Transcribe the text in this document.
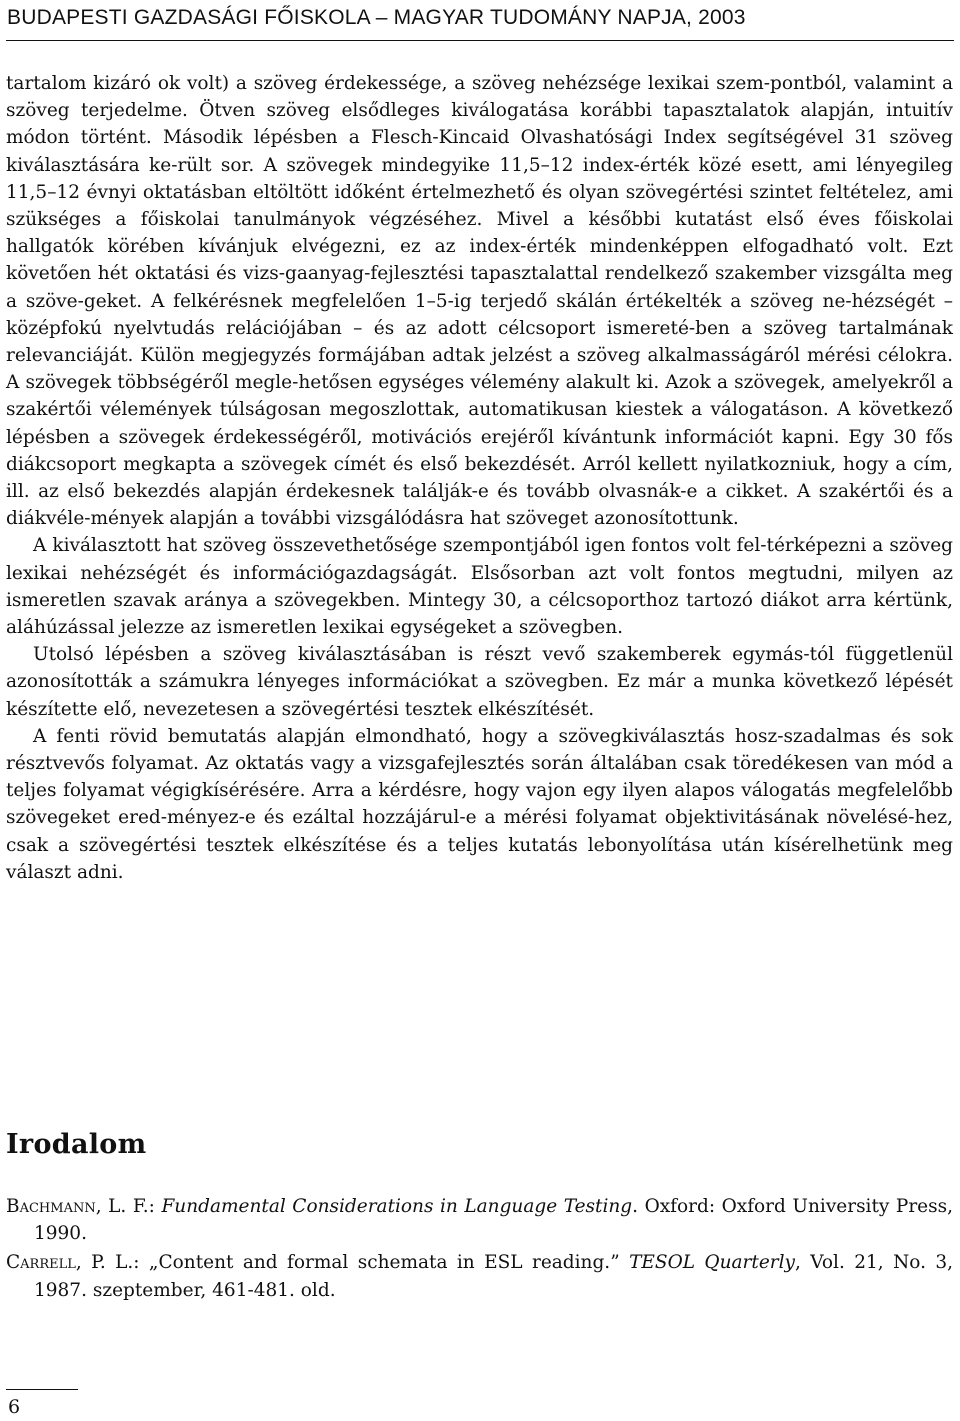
BUDAPESTI GAZDASÁGI FŐISKOLA – MAGYAR TUDOMÁNY NAPJA, 2003

tartalom kizáró ok volt) a szöveg érdekessége, a szöveg nehézsége lexikai szem-pontból, valamint a szöveg terjedelme. Ötven szöveg elsődleges kiválogatása korábbi tapasztalatok alapján, intuitív módon történt. Második lépésben a Flesch-Kincaid Olvashatósági Index segítségével 31 szöveg kiválasztására ke-rült sor. A szövegek mindegyike 11,5–12 index-érték közé esett, ami lényegileg 11,5–12 évnyi oktatásban eltöltött időként értelmezhető és olyan szövegértési szintet feltételez, ami szükséges a főiskolai tanulmányok végzéséhez. Mivel a későbbi kutatást első éves főiskolai hallgatók körében kívánjuk elvégezni, ez az index-érték mindenképpen elfogadható volt. Ezt követően hét oktatási és vizs-gaanyag-fejlesztési tapasztalattal rendelkező szakember vizsgálta meg a szöve-geket. A felkérésnek megfelelően 1–5-ig terjedő skálán értékelték a szöveg ne-hézségét – középfokú nyelvtudás relációjában – és az adott célcsoport ismereté-ben a szöveg tartalmának relevanciáját. Külön megjegyzés formájában adtak jelzést a szöveg alkalmasságáról mérési célokra. A szövegek többségéről megle-hetősen egységes vélemény alakult ki. Azok a szövegek, amelyekről a szakértői vélemények túlságosan megoszlottak, automatikusan kiestek a válogatáson. A következő lépésben a szövegek érdekességéről, motivációs erejéről kívántunk információt kapni. Egy 30 fős diákcsoport megkapta a szövegek címét és első bekezdését. Arról kellett nyilatkozniuk, hogy a cím, ill. az első bekezdés alapján érdekesnek találják-e és tovább olvasnák-e a cikket. A szakértői és a diákvéle-mények alapján a további vizsgálódásra hat szöveget azonosítottunk.

A kiválasztott hat szöveg összevethetősége szempontjából igen fontos volt fel-térképezni a szöveg lexikai nehézségét és információgazdagságát. Elsősorban azt volt fontos megtudni, milyen az ismeretlen szavak aránya a szövegekben. Mintegy 30, a célcsoporthoz tartozó diákot arra kértünk, aláhúzással jelezze az ismeretlen lexikai egységeket a szövegben.

Utolsó lépésben a szöveg kiválasztásában is részt vevő szakemberek egymás-tól függetlenül azonosították a számukra lényeges információkat a szövegben. Ez már a munka következő lépését készítette elő, nevezetesen a szövegértési tesztek elkészítését.

A fenti rövid bemutatás alapján elmondható, hogy a szövegkiválasztás hosz-szadalmas és sok résztvevős folyamat. Az oktatás vagy a vizsgafejlesztés során általában csak töredékesen van mód a teljes folyamat végigkísérésére. Arra a kérdésre, hogy vajon egy ilyen alapos válogatás megfelelőbb szövegeket ered-ményez-e és ezáltal hozzájárul-e a mérési folyamat objektivitásának növelésé-hez, csak a szövegértési tesztek elkészítése és a teljes kutatás lebonyolítása után kísérelhetünk meg választ adni.

Irodalom

Bachmann, L. F.: Fundamental Considerations in Language Testing. Oxford: Oxford University Press, 1990.

Carrell, P. L.: „Content and formal schemata in ESL reading.” TESOL Quarterly, Vol. 21, No. 3, 1987. szeptember, 461-481. old.

6
